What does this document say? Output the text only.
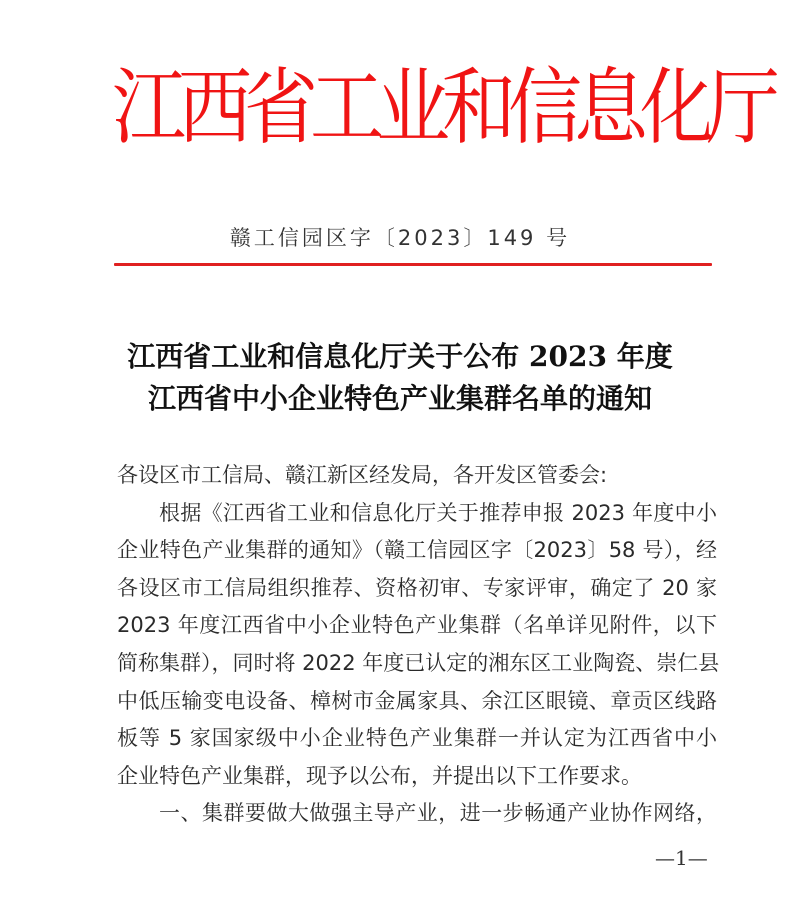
江
西
省
工
业
和
信
息
化
厅
赣工信园区字〔2023〕149 号
江西省工业和信息化厅关于公布 2023 年度
江西省中小企业特色产业集群名单的通知
各设区市工信局、赣江新区经发局，各开发区管委会:
根据《江西省工业和信息化厅关于推荐申报 2023 年度中小
企业特色产业集群的通知》（赣工信园区字〔2023〕58 号），经
各设区市工信局组织推荐、资格初审、专家评审，确定了 20 家
2023 年度江西省中小企业特色产业集群（名单详见附件，以下
简称集群），同时将 2022 年度已认定的湘东区工业陶瓷、崇仁县
中低压输变电设备、樟树市金属家具、余江区眼镜、章贡区线路
板等 5 家国家级中小企业特色产业集群一并认定为江西省中小
企业特色产业集群，现予以公布，并提出以下工作要求。
一、集群要做大做强主导产业，进一步畅通产业协作网络，
—1—
